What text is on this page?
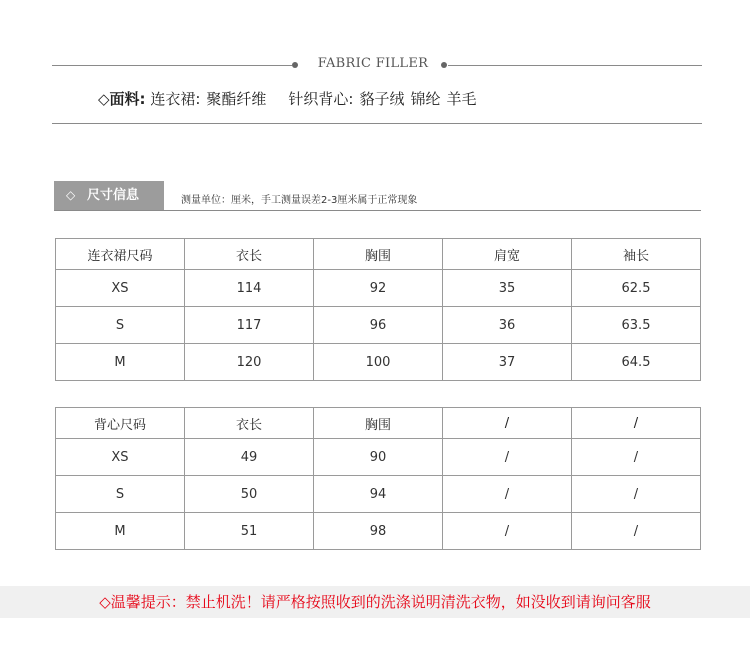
FABRIC FILLER
◇面料: 连衣裙: 聚酯纤维 针织背心: 貉子绒 锦纶 羊毛
◇ 尺寸信息	测量单位：厘米，手工测量误差2-3厘米属于正常现象
连衣裙尺码	衣长	胸围	肩宽	袖长
XS	114	92	35	62.5
S	117	96	36	63.5
M	120	100	37	64.5
背心尺码	衣长	胸围	/	/
XS	49	90	/	/
S	50	94	/	/
M	51	98	/	/
◇温馨提示：禁止机洗！请严格按照收到的洗涤说明清洗衣物，如没收到请询问客服
